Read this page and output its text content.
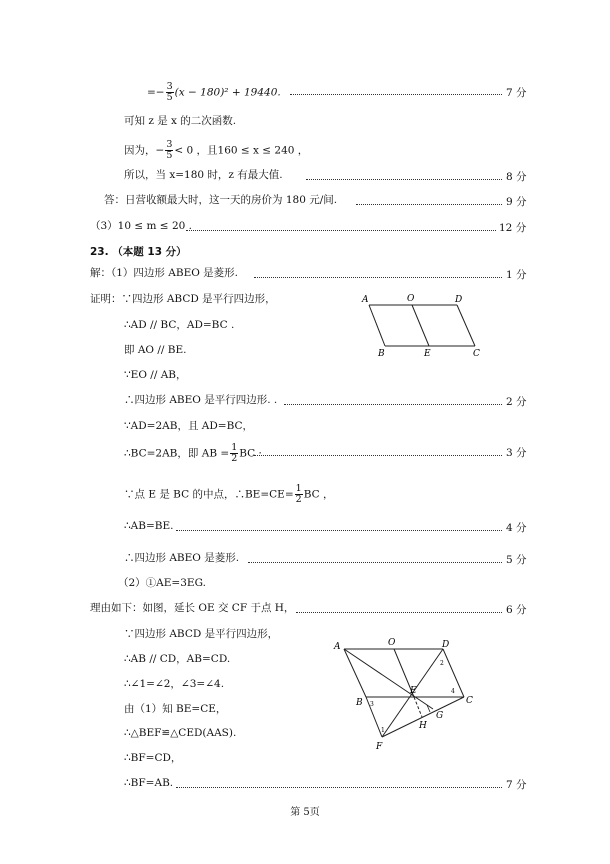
=− $\frac{3}{5} (x - 180)^2 + 19440$.	7 分
可知 z 是 x 的二次函数.
因为，− $\frac{3}{5} < 0$ ，且160 ≤ x ≤ 240 ，
所以，当 x=180 时，z 有最大值.	8 分
答：日营收额最大时，这一天的房价为 180 元/间.	9 分
（3）10 ≤ m ≤ 20 .	12 分
23. （本题 13 分）
解：（1）四边形 ABEO 是菱形.	1 分
证明：∵四边形 ABCD 是平行四边形，
∴AD // BC，AD=BC .
即 AO // BE.
∵EO // AB，
∴四边形 ABEO 是平行四边形. .	2 分
∵AD=2AB，且 AD=BC，
∴BC=2AB，即 AB = $\frac{1}{2}$ BC ·	3 分
∵点 E 是 BC 的中点，∴BE=CE= $\frac{1}{2}$ BC ，
∴AB=BE.	4 分
∴四边形 ABEO 是菱形.	5 分
（2）①AE=3EG.
理由如下：如图，延长 OE 交 CF 于点 H，	6 分
∵四边形 ABCD 是平行四边形，
∴AB // CD，AB=CD.
∴∠1=∠2，∠3=∠4.
由（1）知 BE=CE，
∴△BEF≌△CED(AAS).
∴BF=CD，
∴BF=AB.	7 分
A	O	D
B	E	C
A	O	D
B
E
C
F
G
H
1
2
3
4
第 5页
